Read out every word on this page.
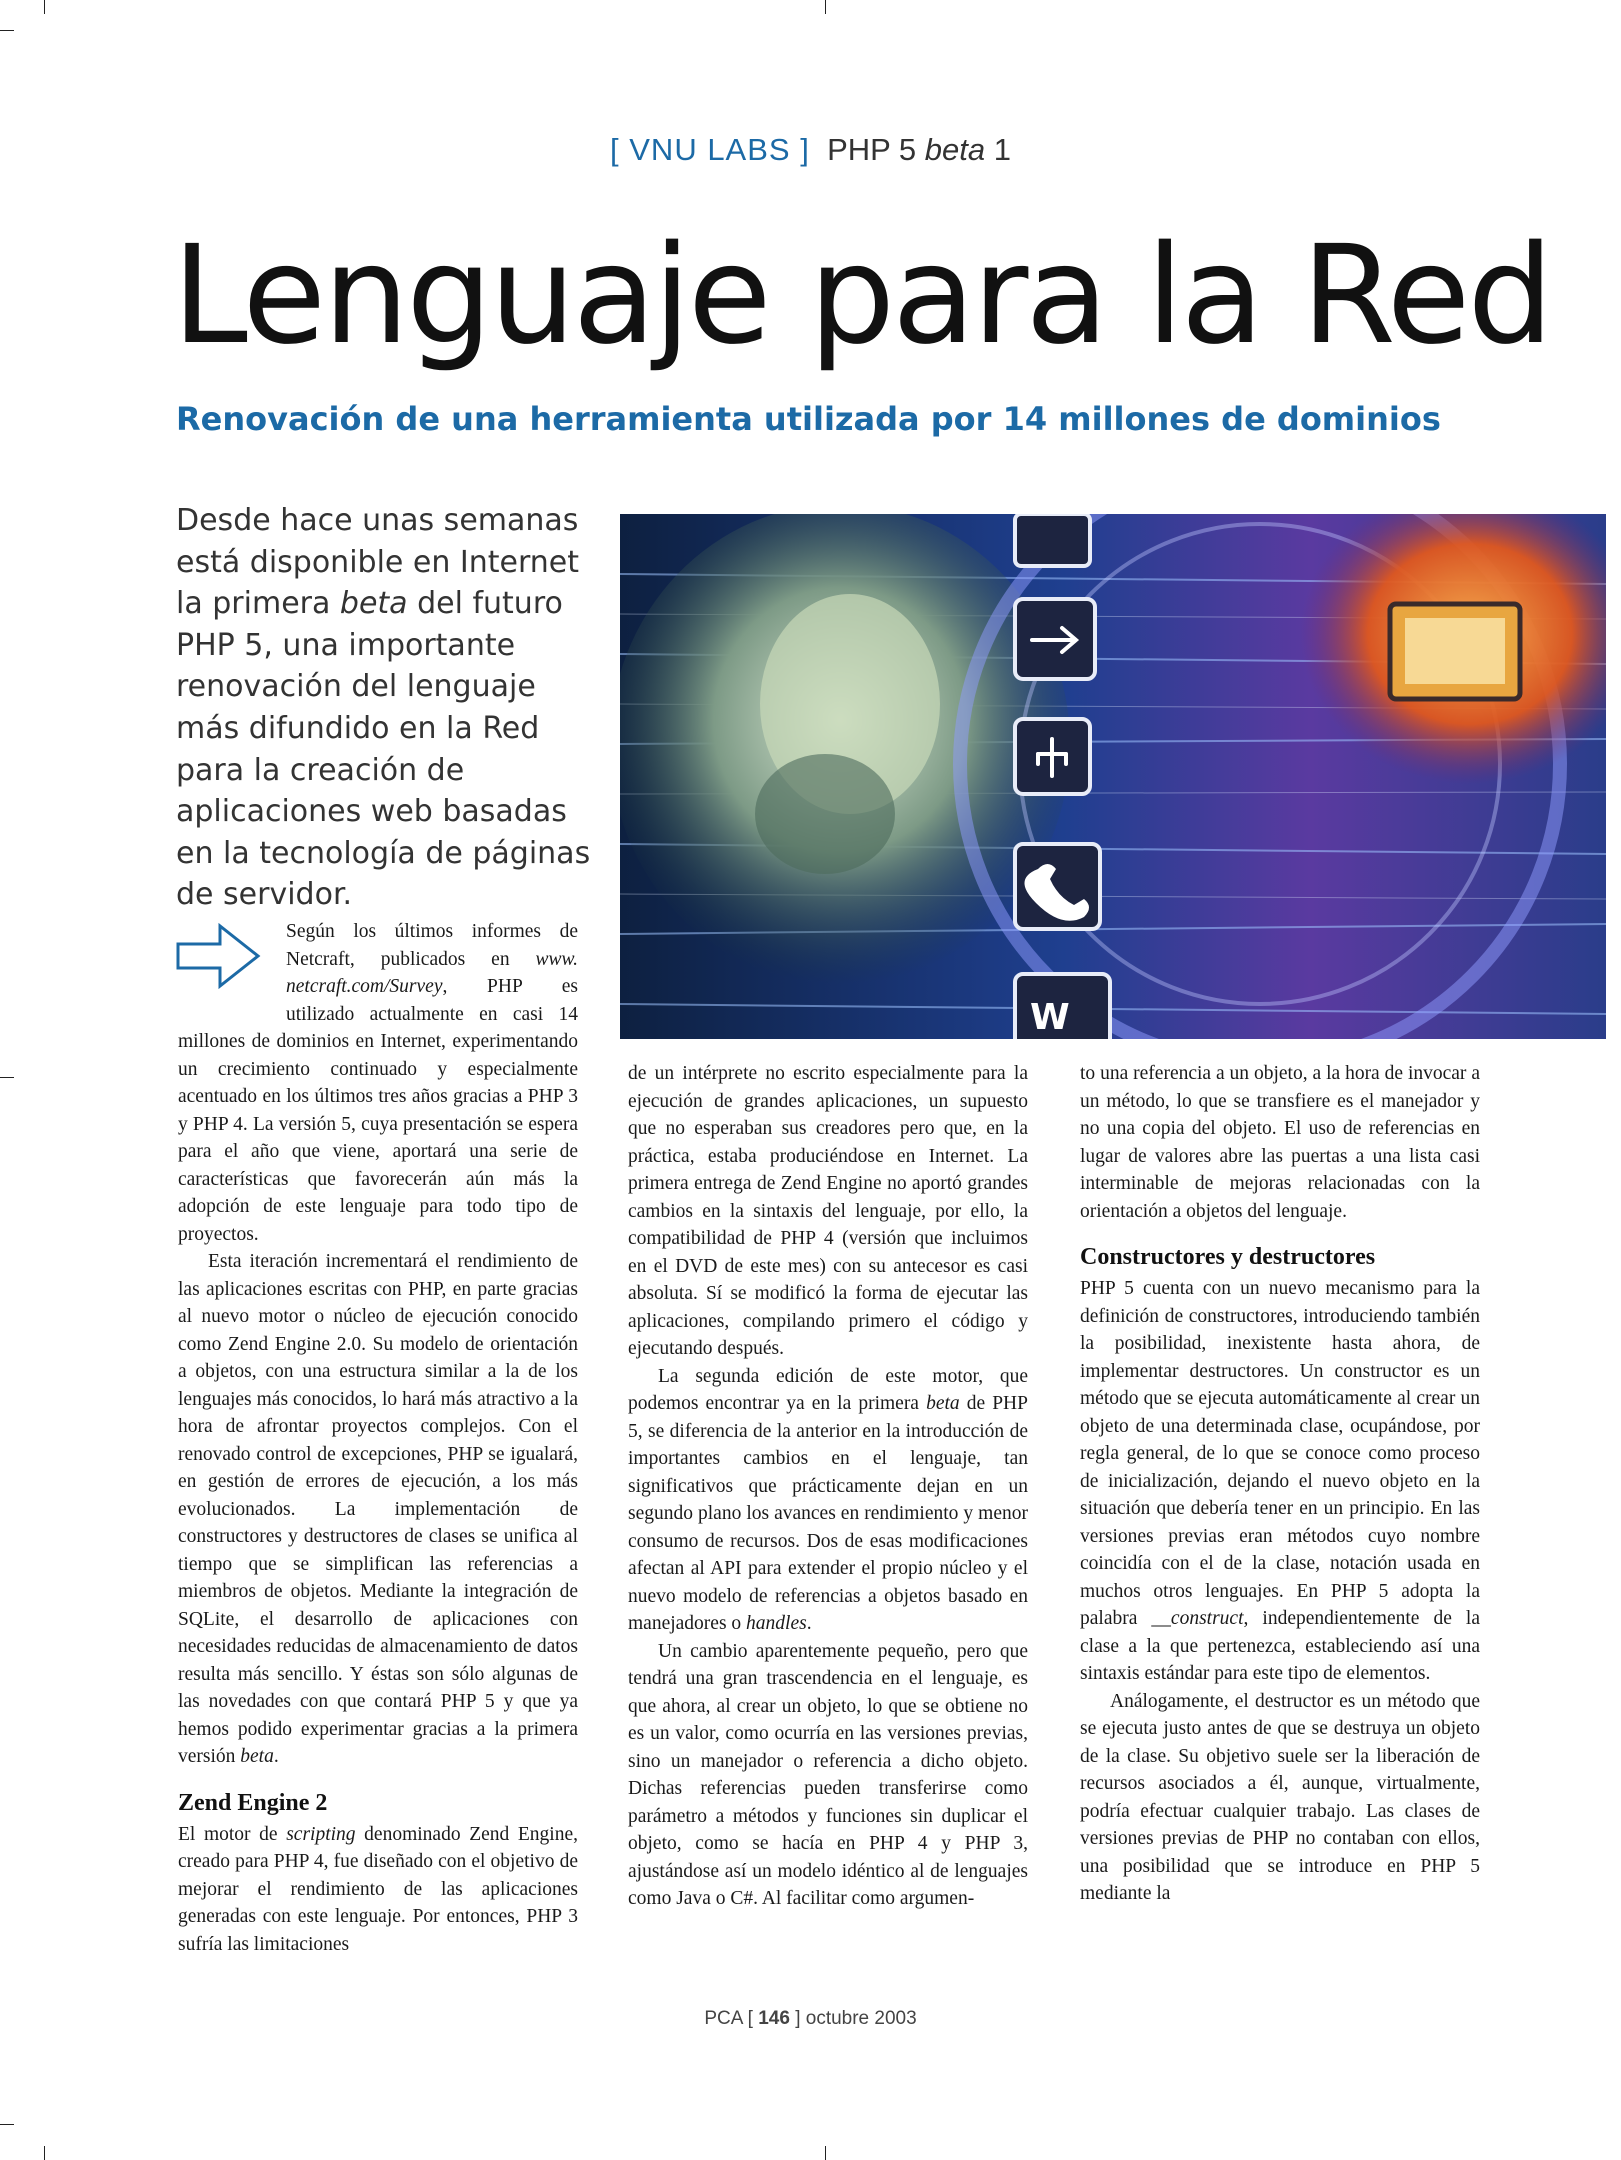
[ VNU LABS ] PHP 5 beta 1
Lenguaje para la Red
Renovación de una herramienta utilizada por 14 millones de dominios

Desde hace unas semanas está disponible en Internet la primera beta del futuro PHP 5, una importante renovación del lenguaje más difundido en la Red para la creación de aplicaciones web basadas en la tecnología de páginas de servidor.

W

Según los últimos informes de Netcraft, publicados en www. netcraft.com/Survey, PHP es utilizado actualmente en casi 14 millones de dominios en Internet, experimentando un crecimiento continuado y especialmente acentuado en los últimos tres años gracias a PHP 3 y PHP 4. La versión 5, cuya presentación se espera para el año que viene, aportará una serie de características que favorecerán aún más la adopción de este lenguaje para todo tipo de proyectos.

Esta iteración incrementará el rendimiento de las aplicaciones escritas con PHP, en parte gracias al nuevo motor o núcleo de ejecución conocido como Zend Engine 2.0. Su modelo de orientación a objetos, con una estructura similar a la de los lenguajes más conocidos, lo hará más atractivo a la hora de afrontar proyectos complejos. Con el renovado control de excepciones, PHP se igualará, en gestión de errores de ejecución, a los más evolucionados. La implementación de constructores y destructores de clases se unifica al tiempo que se simplifican las referencias a miembros de objetos. Mediante la integración de SQLite, el desarrollo de aplicaciones con necesidades reducidas de almacenamiento de datos resulta más sencillo. Y éstas son sólo algunas de las novedades con que contará PHP 5 y que ya hemos podido experimentar gracias a la primera versión beta.

Zend Engine 2

El motor de scripting denominado Zend Engine, creado para PHP 4, fue diseñado con el objetivo de mejorar el rendimiento de las aplicaciones generadas con este lenguaje. Por entonces, PHP 3 sufría las limitaciones

de un intérprete no escrito especialmente para la ejecución de grandes aplicaciones, un supuesto que no esperaban sus creadores pero que, en la práctica, estaba produciéndose en Internet. La primera entrega de Zend Engine no aportó grandes cambios en la sintaxis del lenguaje, por ello, la compatibilidad de PHP 4 (versión que incluimos en el DVD de este mes) con su antecesor es casi absoluta. Sí se modificó la forma de ejecutar las aplicaciones, compilando primero el código y ejecutando después.

La segunda edición de este motor, que podemos encontrar ya en la primera beta de PHP 5, se diferencia de la anterior en la introducción de importantes cambios en el lenguaje, tan significativos que prácticamente dejan en un segundo plano los avances en rendimiento y menor consumo de recursos. Dos de esas modificaciones afectan al API para extender el propio núcleo y el nuevo modelo de referencias a objetos basado en manejadores o handles.

Un cambio aparentemente pequeño, pero que tendrá una gran trascendencia en el lenguaje, es que ahora, al crear un objeto, lo que se obtiene no es un valor, como ocurría en las versiones previas, sino un manejador o referencia a dicho objeto. Dichas referencias pueden transferirse como parámetro a métodos y funciones sin duplicar el objeto, como se hacía en PHP 4 y PHP 3, ajustándose así un modelo idéntico al de lenguajes como Java o C#. Al facilitar como argumen-

to una referencia a un objeto, a la hora de invocar a un método, lo que se transfiere es el manejador y no una copia del objeto. El uso de referencias en lugar de valores abre las puertas a una lista casi interminable de mejoras relacionadas con la orientación a objetos del lenguaje.

Constructores y destructores

PHP 5 cuenta con un nuevo mecanismo para la definición de constructores, introduciendo también la posibilidad, inexistente hasta ahora, de implementar destructores. Un constructor es un método que se ejecuta automáticamente al crear un objeto de una determinada clase, ocupándose, por regla general, de lo que se conoce como proceso de inicialización, dejando el nuevo objeto en la situación que debería tener en un principio. En las versiones previas eran métodos cuyo nombre coincidía con el de la clase, notación usada en muchos otros lenguajes. En PHP 5 adopta la palabra __construct, independientemente de la clase a la que pertenezca, estableciendo así una sintaxis estándar para este tipo de elementos.

Análogamente, el destructor es un método que se ejecuta justo antes de que se destruya un objeto de la clase. Su objetivo suele ser la liberación de recursos asociados a él, aunque, virtualmente, podría efectuar cualquier trabajo. Las clases de versiones previas de PHP no contaban con ellos, una posibilidad que se introduce en PHP 5 mediante la

PCA [ 146 ] octubre 2003
